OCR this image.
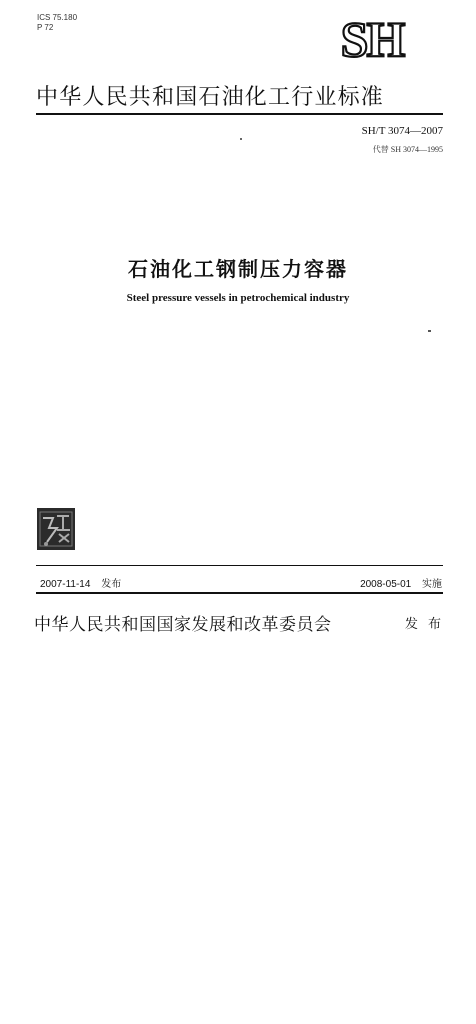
ICS 75.180
P 72	SH
中华人民共和国石油化工行业标准
SH/T 3074—2007
代替 SH 3074—1995
石油化工钢制压力容器
Steel pressure vessels in petrochemical industry
2007-11-14 发布	2008-05-01 实施
中华人民共和国国家发展和改革委员会	发 布
